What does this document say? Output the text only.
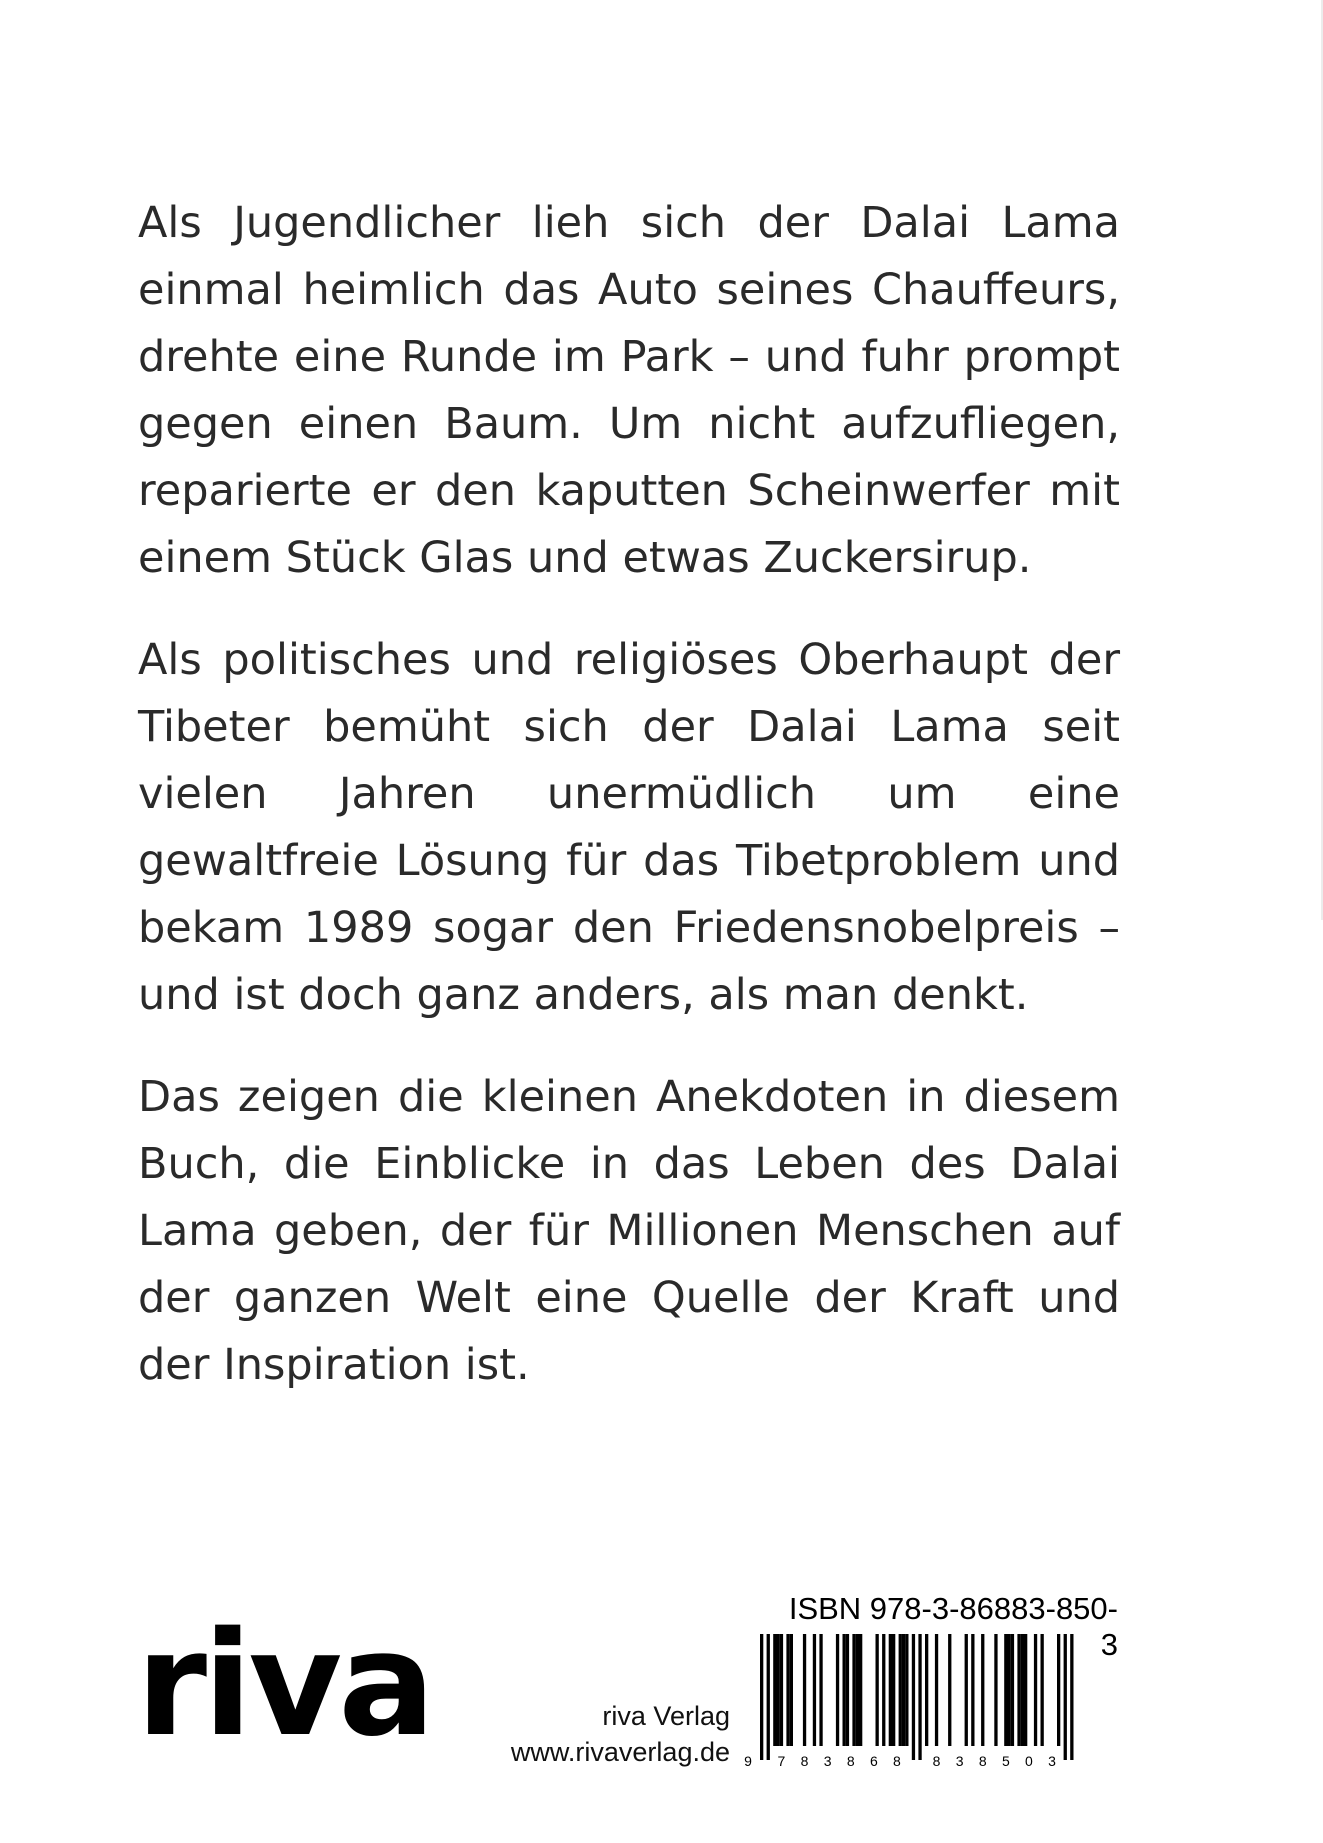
Als Jugendlicher lieh sich der Dalai Lama einmal heimlich das Auto seines Chauffeurs, drehte eine Runde im Park – und fuhr prompt gegen einen Baum. Um nicht aufzufliegen, reparierte er den kaputten Scheinwerfer mit einem Stück Glas und etwas Zuckersirup.

Als politisches und religiöses Oberhaupt der Tibeter bemüht sich der Dalai Lama seit vielen Jahren unermüdlich um eine gewaltfreie Lösung für das Tibetproblem und bekam 1989 sogar den Friedensnobelpreis – und ist doch ganz anders, als man denkt.

Das zeigen die kleinen Anekdoten in diesem Buch, die Einblicke in das Leben des Dalai Lama geben, der für Millionen Menschen auf der ganzen Welt eine Quelle der Kraft und der Inspiration ist.

riva	riva Verlag
www.rivaverlag.de
ISBN 978-3-86883-850-3
9 7 8 3 8 6 8 8 3 8 5 0 3
